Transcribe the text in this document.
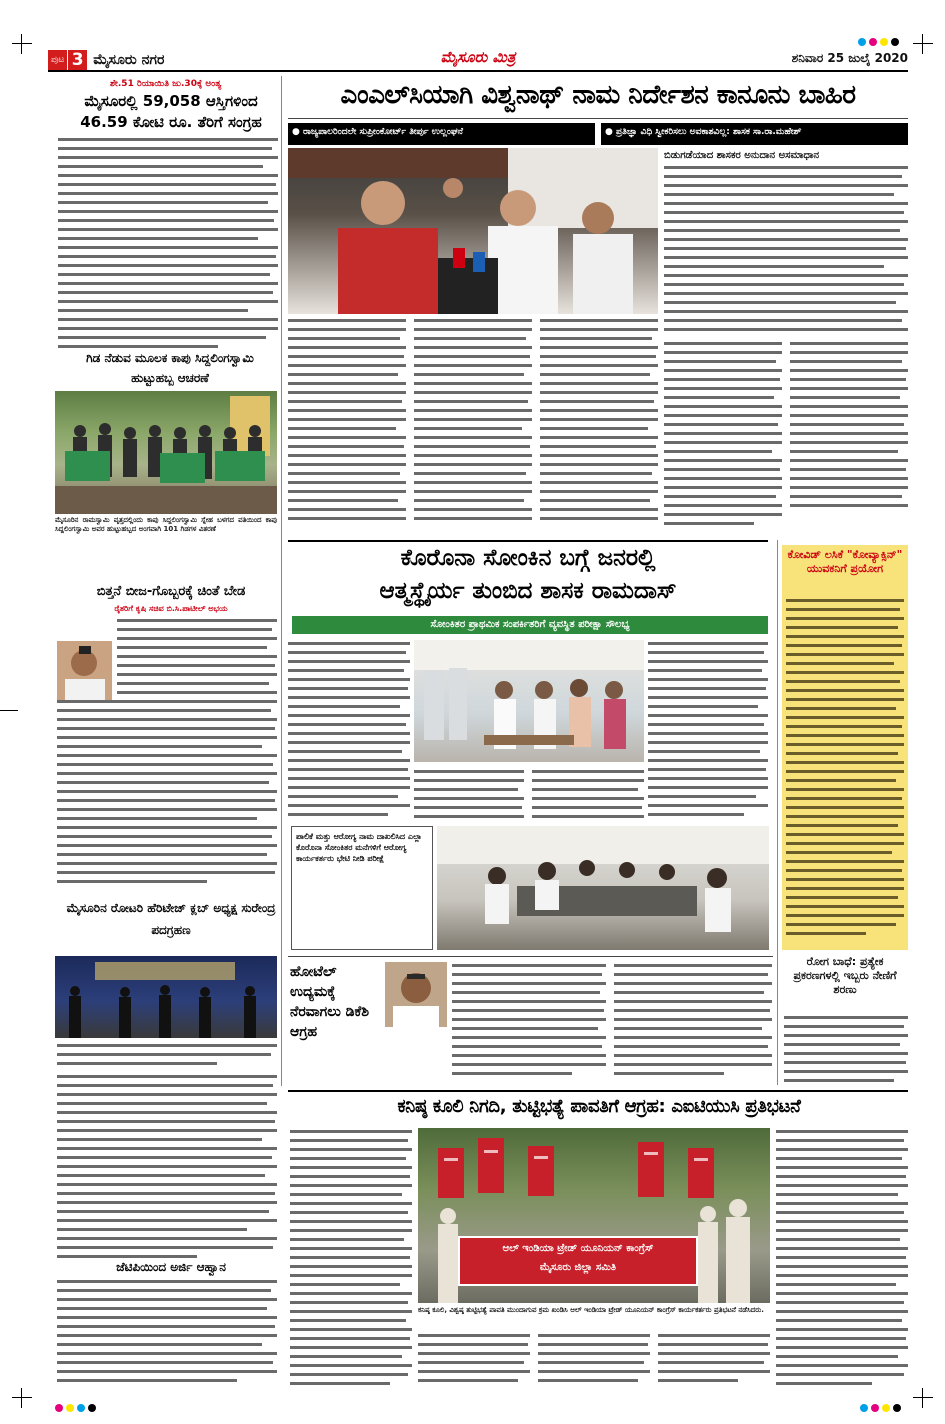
ಪುಟ 3 ಮೈಸೂರು ನಗರ	ಮೈಸೂರು ಮಿತ್ರ	ಶನಿವಾರ 25 ಜುಲೈ 2020
ಶೇ.51 ರಿಯಾಯಿತಿ ಜು.30ಕ್ಕೆ ಅಂತ್ಯ
ಮೈಸೂರಲ್ಲಿ 59,058 ಆಸ್ತಿಗಳಿಂದ
46.59 ಕೋಟಿ ರೂ. ತೆರಿಗೆ ಸಂಗ್ರಹ
ಗಿಡ ನೆಡುವ ಮೂಲಕ ಕಾಪು ಸಿದ್ದಲಿಂಗಸ್ವಾಮಿ ಹುಟ್ಟುಹಬ್ಬ ಆಚರಣೆ
ಮೈಸೂರಿನ ರಾಮಸ್ವಾಮಿ ವೃತ್ತದಲ್ಲಿಂದು ಕಾಪು ಸಿದ್ದಲಿಂಗಸ್ವಾಮಿ ಸ್ನೇಹ ಬಳಗದ ವತಿಯಿಂದ ಕಾಪು ಸಿದ್ದಲಿಂಗಸ್ವಾಮಿ ಅವರ ಹುಟ್ಟುಹಬ್ಬದ ಅಂಗವಾಗಿ 101 ಗಿಡಗಳ ವಿತರಣೆ
ಬಿತ್ತನೆ ಬೀಜ-ಗೊಬ್ಬರಕ್ಕೆ ಚಿಂತೆ ಬೇಡ
ರೈತರಿಗೆ ಕೃಷಿ ಸಚಿವ ಬಿ.ಸಿ.ಪಾಟೀಲ್ ಅಭಯ
ಮೈಸೂರಿನ ರೋಟರಿ ಹೆರಿಟೇಜ್ ಕ್ಲಬ್ ಅಧ್ಯಕ್ಷ ಸುರೇಂದ್ರ ಪದಗ್ರಹಣ
ಜೆಟಿಪಿಯಿಂದ ಅರ್ಜಿ ಆಹ್ವಾನ
ಎಂಎಲ್‌ಸಿಯಾಗಿ ವಿಶ್ವನಾಥ್ ನಾಮ ನಿರ್ದೇಶನ ಕಾನೂನು ಬಾಹಿರ
● ರಾಜ್ಯಪಾಲರಿಂದಲೇ ಸುಪ್ರೀಂಕೋರ್ಟ್ ತೀರ್ಪು ಉಲ್ಲಂಘನೆ	● ಪ್ರತಿಜ್ಞಾ ವಿಧಿ ಸ್ವೀಕರಿಸಲು ಅವಕಾಶವಿಲ್ಲ: ಶಾಸಕ ಸಾ.ರಾ.ಮಹೇಶ್
ಬಿಡುಗಡೆಯಾದ ಶಾಸಕರ ಅನುದಾನ ಅಸಮಾಧಾನ
ಕೊರೊನಾ ಸೋಂಕಿನ ಬಗ್ಗೆ ಜನರಲ್ಲಿ
ಆತ್ಮಸ್ಥೈರ್ಯ ತುಂಬಿದ ಶಾಸಕ ರಾಮದಾಸ್
ಸೋಂಕಿತರ ಪ್ರಾಥಮಿಕ ಸಂಪರ್ಕಿತರಿಗೆ ವ್ಯವಸ್ಥಿತ ಪರೀಕ್ಷಾ ಸೌಲಭ್ಯ
ಕೋವಿಡ್ ಲಸಿಕೆ "ಕೋವ್ಯಾಕ್ಸಿನ್" ಯುವಕನಿಗೆ ಪ್ರಯೋಗ
ರೋಗ ಬಾಧೆ: ಪ್ರತ್ಯೇಕ ಪ್ರಕರಣಗಳಲ್ಲಿ ಇಬ್ಬರು ನೇಣಿಗೆ ಶರಣು
ಪಾಲಿಕೆ ಮತ್ತು ಆರೋಗ್ಯ ನಾಮ ದಾಖಲಿಸಿದ ಎಲ್ಲಾ ಕೊರೊನಾ ಸೋಂಕಿತರ ಮನೆಗಳಿಗೆ ಆರೋಗ್ಯ ಕಾರ್ಯಕರ್ತರು ಭೇಟಿ ನೀಡಿ ಪರೀಕ್ಷೆ
ಹೋಟೆಲ್ ಉದ್ಯಮಕ್ಕೆ ನೆರವಾಗಲು ಡಿಕೆಶಿ ಆಗ್ರಹ
ಕನಿಷ್ಠ ಕೂಲಿ ನಿಗದಿ, ತುಟ್ಟಿಭತ್ಯೆ ಪಾವತಿಗೆ ಆಗ್ರಹ: ಎಐಟಿಯುಸಿ ಪ್ರತಿಭಟನೆ
ಆಲ್ ಇಂಡಿಯಾ ಟ್ರೇಡ್ ಯೂನಿಯನ್ ಕಾಂಗ್ರೆಸ್
ಮೈಸೂರು ಜಿಲ್ಲಾ ಸಮಿತಿ
ಕನಿಷ್ಠ ಕೂಲಿ, ವಿಶ್ವಷ್ಠ ತುಟ್ಟಿಭತ್ಯೆ ಪಾವತಿ ಮುಂದಾಗುವ ಕ್ರಮ ಖಂಡಿಸಿ ಆಲ್ ಇಂಡಿಯಾ ಟ್ರೇಡ್ ಯೂನಿಯನ್ ಕಾಂಗ್ರೆಸ್ ಕಾರ್ಯಕರ್ತರು ಪ್ರತಿಭಟನೆ ನಡೆಸಿದರು.
